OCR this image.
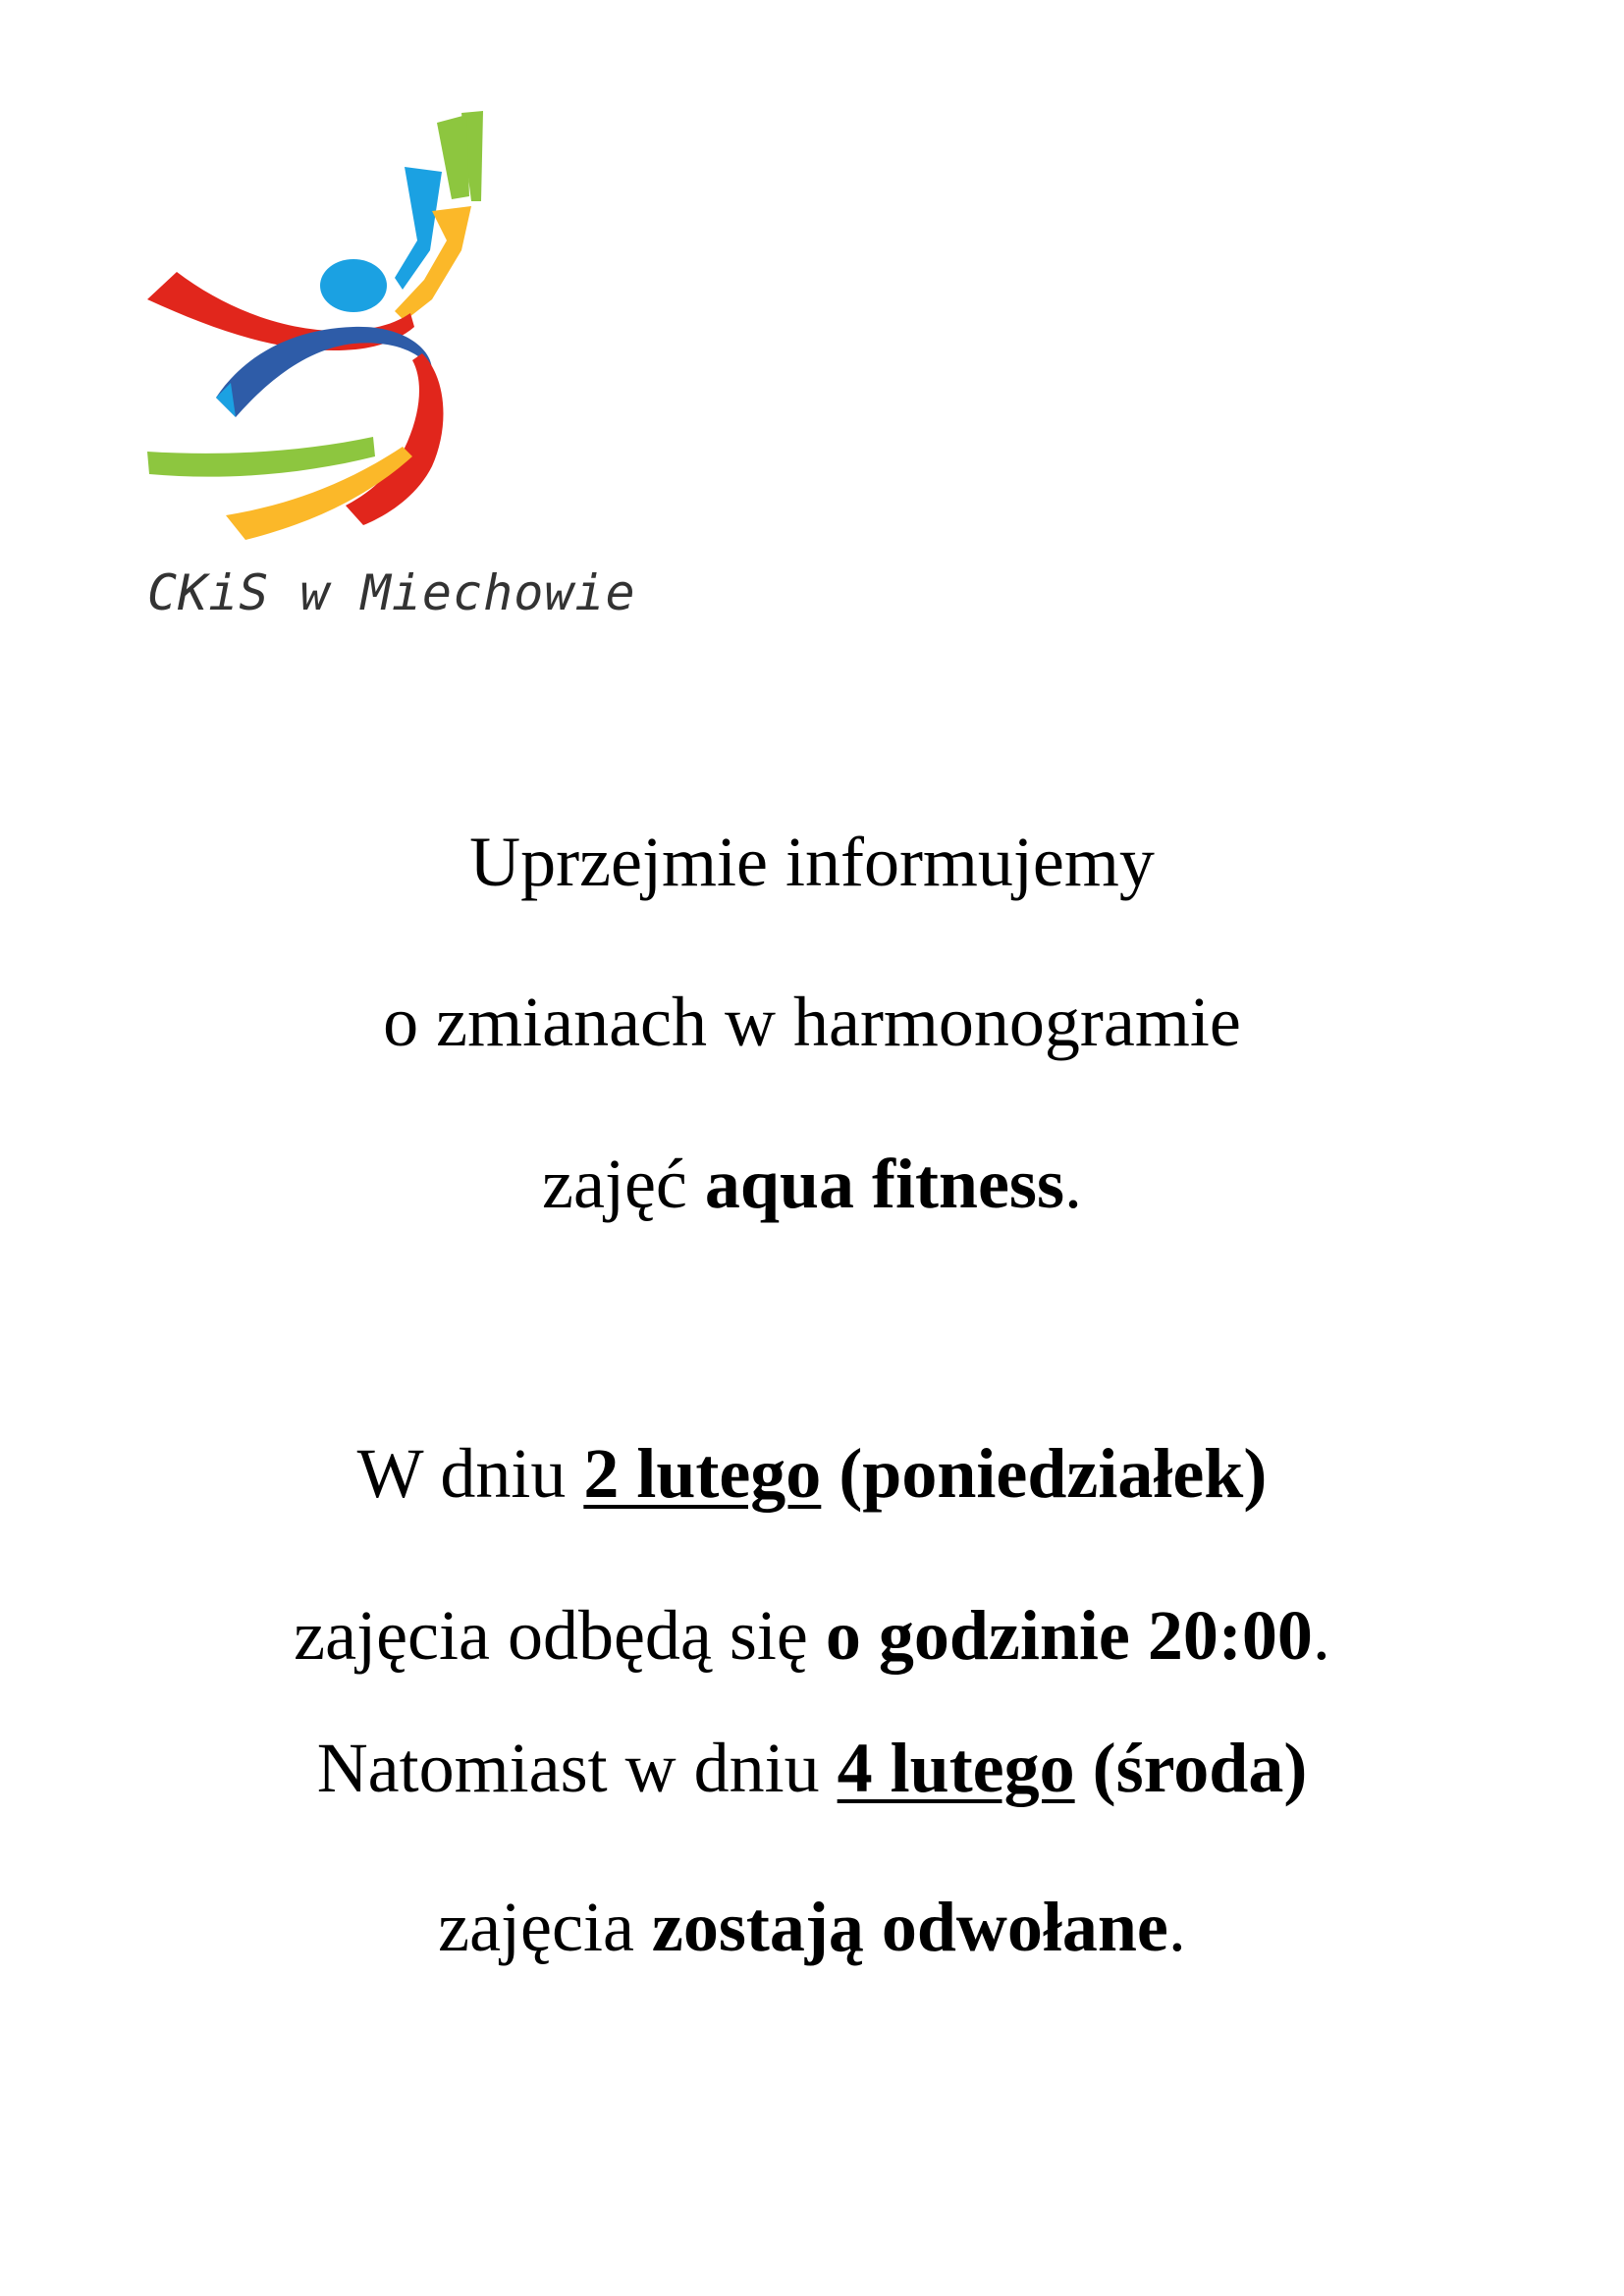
CKiS w Miechowie
Uprzejmie informujemy
o zmianach w harmonogramie
zajęć aqua fitness.
W dniu 2 lutego (poniedziałek)
zajęcia odbędą się o godzinie 20:00.
Natomiast w dniu 4 lutego (środa)
zajęcia zostają odwołane.
